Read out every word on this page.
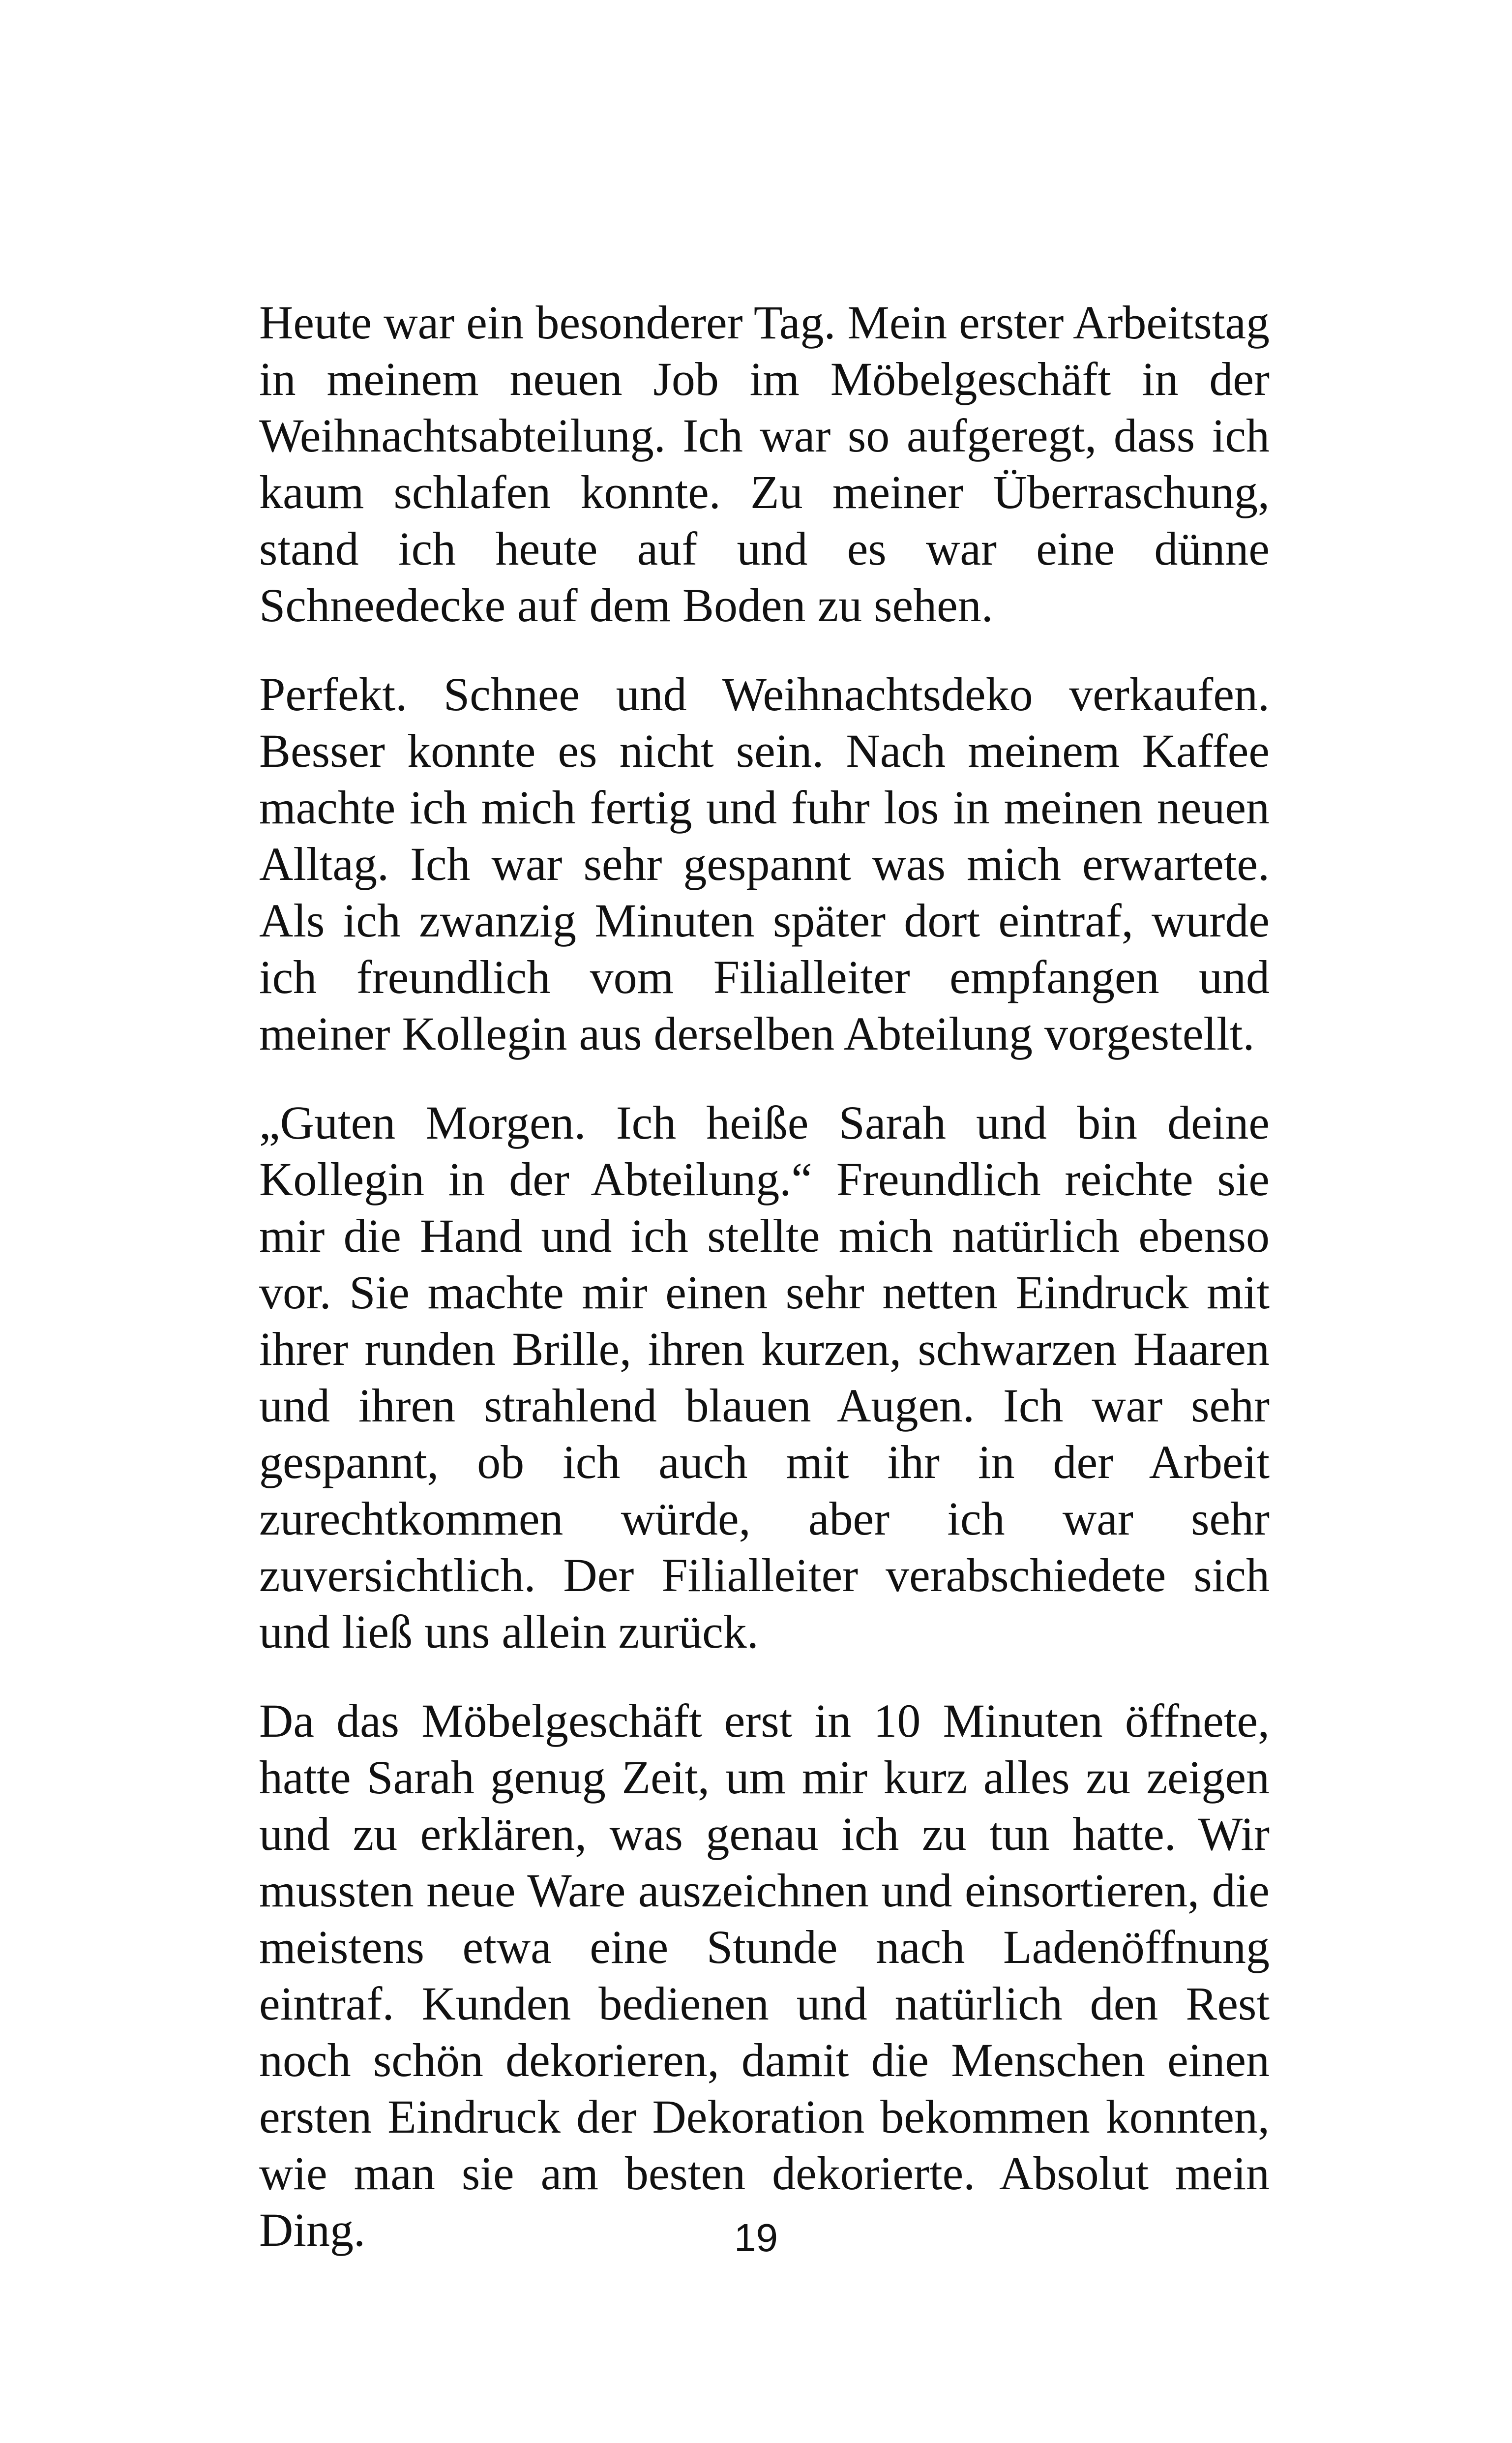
Heute war ein besonderer Tag. Mein erster Arbeitstag in meinem neuen Job im Möbelgeschäft in der Weihnachtsabteilung. Ich war so aufgeregt, dass ich kaum schlafen konnte. Zu meiner Überraschung, stand ich heute auf und es war eine dünne Schneedecke auf dem Boden zu sehen.

Perfekt. Schnee und Weihnachtsdeko verkaufen. Besser konnte es nicht sein. Nach meinem Kaffee machte ich mich fertig und fuhr los in meinen neuen Alltag. Ich war sehr gespannt was mich erwartete. Als ich zwanzig Minuten später dort eintraf, wurde ich freundlich vom Filialleiter empfangen und meiner Kollegin aus derselben Abteilung vorgestellt.

„Guten Morgen. Ich heiße Sarah und bin deine Kollegin in der Abteilung.“ Freundlich reichte sie mir die Hand und ich stellte mich natürlich ebenso vor. Sie machte mir einen sehr netten Eindruck mit ihrer runden Brille, ihren kurzen, schwarzen Haaren und ihren strahlend blauen Augen. Ich war sehr gespannt, ob ich auch mit ihr in der Arbeit zurechtkommen würde, aber ich war sehr zuversichtlich. Der Filialleiter verabschiedete sich und ließ uns allein zurück.

Da das Möbelgeschäft erst in 10 Minuten öffnete, hatte Sarah genug Zeit, um mir kurz alles zu zeigen und zu erklären, was genau ich zu tun hatte. Wir mussten neue Ware auszeichnen und einsortieren, die meistens etwa eine Stunde nach Ladenöffnung eintraf. Kunden bedienen und natürlich den Rest noch schön dekorieren, damit die Menschen einen ersten Eindruck der Dekoration bekommen konnten, wie man sie am besten dekorierte. Absolut mein Ding.	19
